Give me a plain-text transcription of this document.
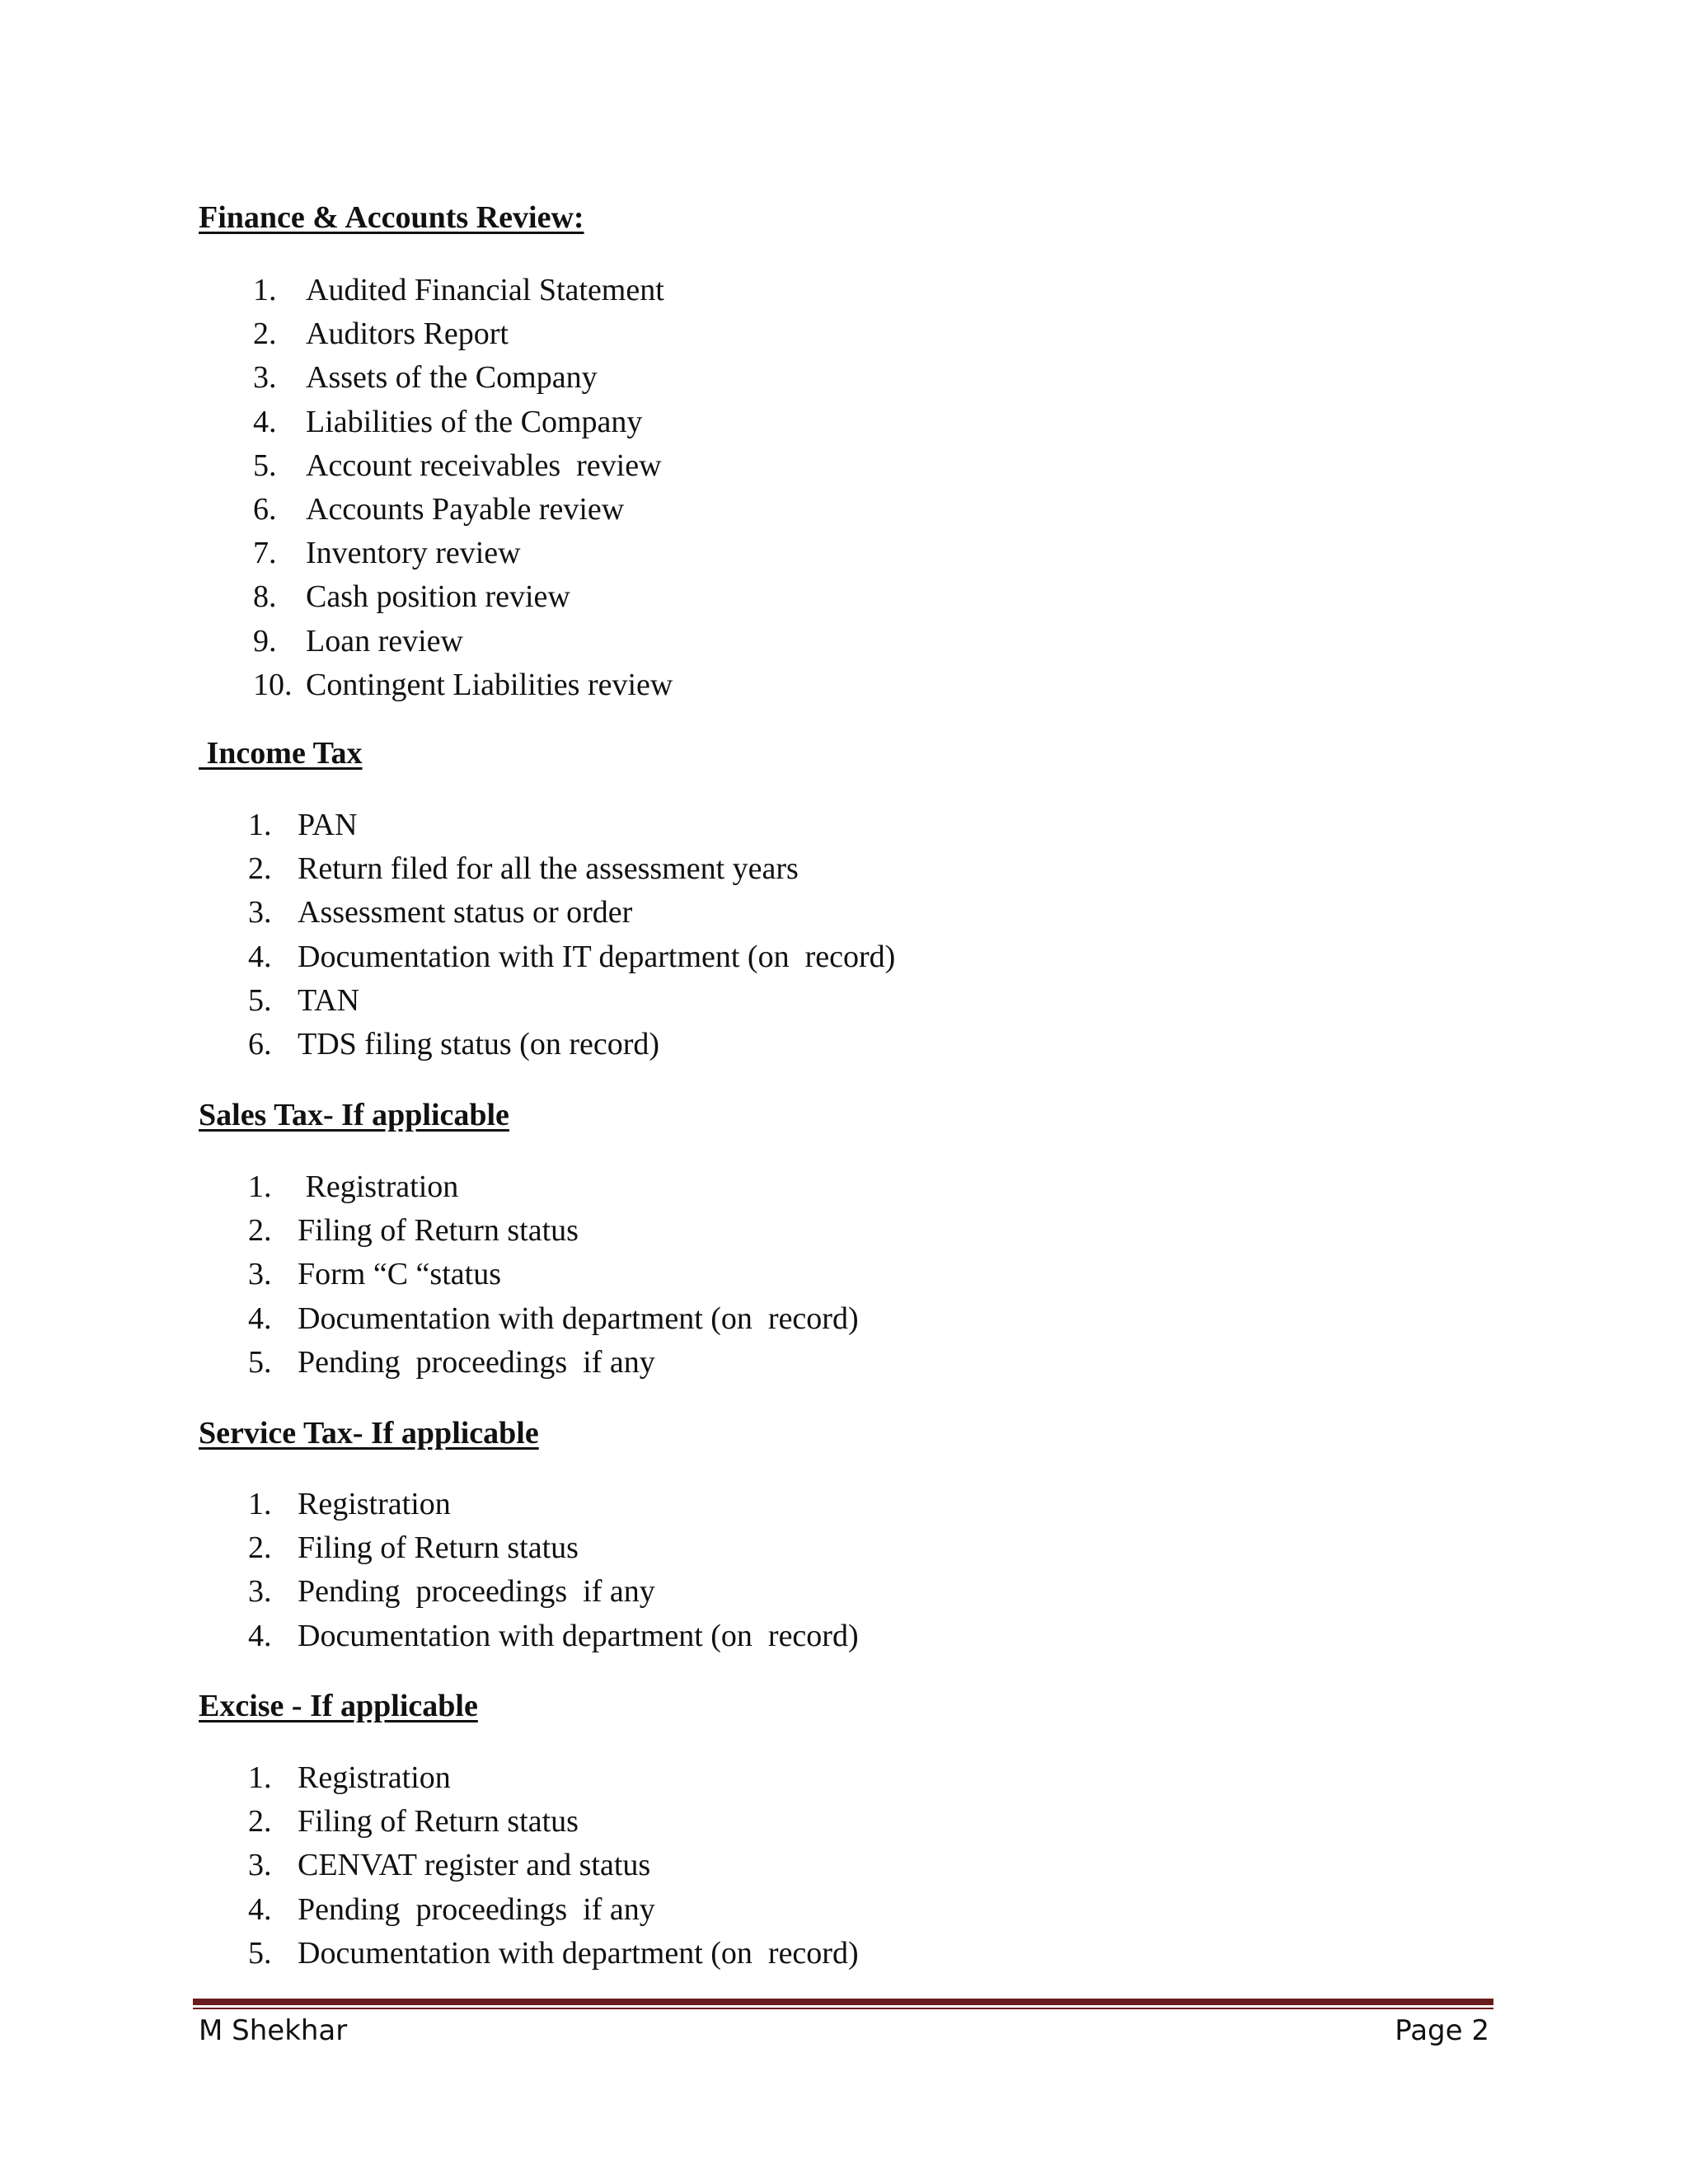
Finance & Accounts Review:
1. Audited Financial Statement
2. Auditors Report
3. Assets of the Company
4. Liabilities of the Company
5. Account receivables  review
6. Accounts Payable review
7. Inventory review
8. Cash position review
9. Loan review
10. Contingent Liabilities review
Income Tax
1. PAN
2. Return filed for all the assessment years
3. Assessment status or order
4. Documentation with IT department (on  record)
5. TAN
6. TDS filing status (on record)
Sales Tax- If applicable
1. Registration
2. Filing of Return status
3. Form “C “status
4. Documentation with department (on  record)
5. Pending  proceedings  if any
Service Tax- If applicable
1. Registration
2. Filing of Return status
3. Pending  proceedings  if any
4. Documentation with department (on  record)
Excise - If applicable
1. Registration
2. Filing of Return status
3. CENVAT register and status
4. Pending  proceedings  if any
5. Documentation with department (on  record)
M Shekhar	Page 2
